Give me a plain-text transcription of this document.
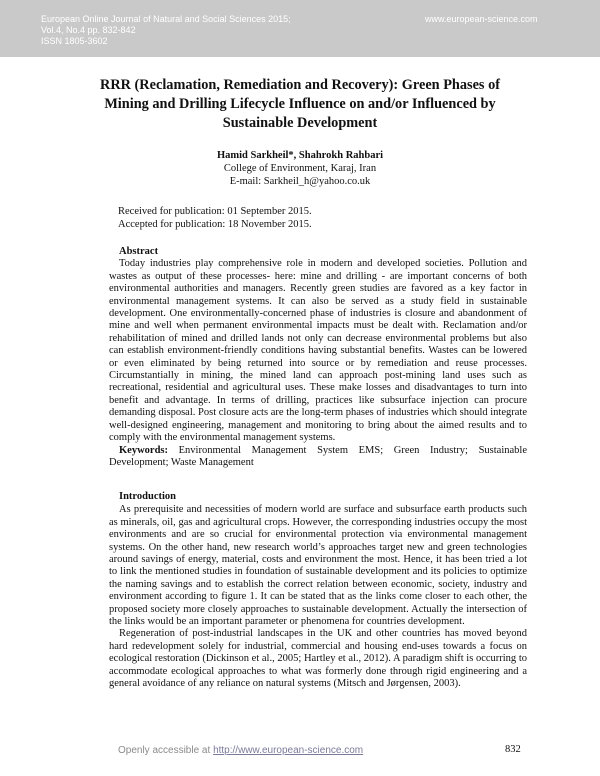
European Online Journal of Natural and Social Sciences 2015;
Vol.4, No.4 pp. 832-842
ISSN 1805-3602
www.european-science.com
RRR (Reclamation, Remediation and Recovery): Green Phases of Mining and Drilling Lifecycle Influence on and/or Influenced by Sustainable Development
Hamid Sarkheil*, Shahrokh Rahbari
College of Environment, Karaj, Iran
E-mail: Sarkheil_h@yahoo.co.uk
Received for publication: 01 September 2015.
Accepted for publication: 18 November 2015.
Abstract

Today industries play comprehensive role in modern and developed societies. Pollution and wastes as output of these processes- here: mine and drilling - are important concerns of both environmental authorities and managers. Recently green studies are favored as a key factor in environmental management systems. It can also be served as a study field in sustainable development. One environmentally-concerned phase of industries is closure and abandonment of mine and well when permanent environmental impacts must be dealt with. Reclamation and/or rehabilitation of mined and drilled lands not only can decrease environmental problems but also can establish environment-friendly conditions having substantial benefits. Wastes can be lowered or even eliminated by being returned into source or by remediation and reuse processes. Circumstantially in mining, the mined land can approach post-mining land uses such as recreational, residential and agricultural uses. These make losses and disadvantages to turn into benefit and advantage. In terms of drilling, practices like subsurface injection can procure demanding disposal. Post closure acts are the long-term phases of industries which should integrate well-designed engineering, management and monitoring to bring about the aimed results and to comply with the environmental management systems.

Keywords: Environmental Management System EMS; Green Industry; Sustainable Development; Waste Management

Introduction

As prerequisite and necessities of modern world are surface and subsurface earth products such as minerals, oil, gas and agricultural crops. However, the corresponding industries occupy the most environments and are so crucial for environmental protection via environmental management systems. On the other hand, new research world’s approaches target new and green technologies around savings of energy, material, costs and environment the most. Hence, it has been tried a lot to link the mentioned studies in foundation of sustainable development and its policies to optimize the naming savings and to establish the correct relation between economic, society, industry and environment according to figure 1. It can be stated that as the links come closer to each other, the proposed society more closely approaches to sustainable development. Actually the intersection of the links would be an important parameter or phenomena for countries development.

Regeneration of post-industrial landscapes in the UK and other countries has moved beyond hard redevelopment solely for industrial, commercial and housing end-uses towards a focus on ecological restoration (Dickinson et al., 2005; Hartley et al., 2012). A paradigm shift is occurring to accommodate ecological approaches to what was formerly done through rigid engineering and a general avoidance of any reliance on natural systems (Mitsch and Jørgensen, 2003).

Openly accessible at http://www.european-science.com	832
